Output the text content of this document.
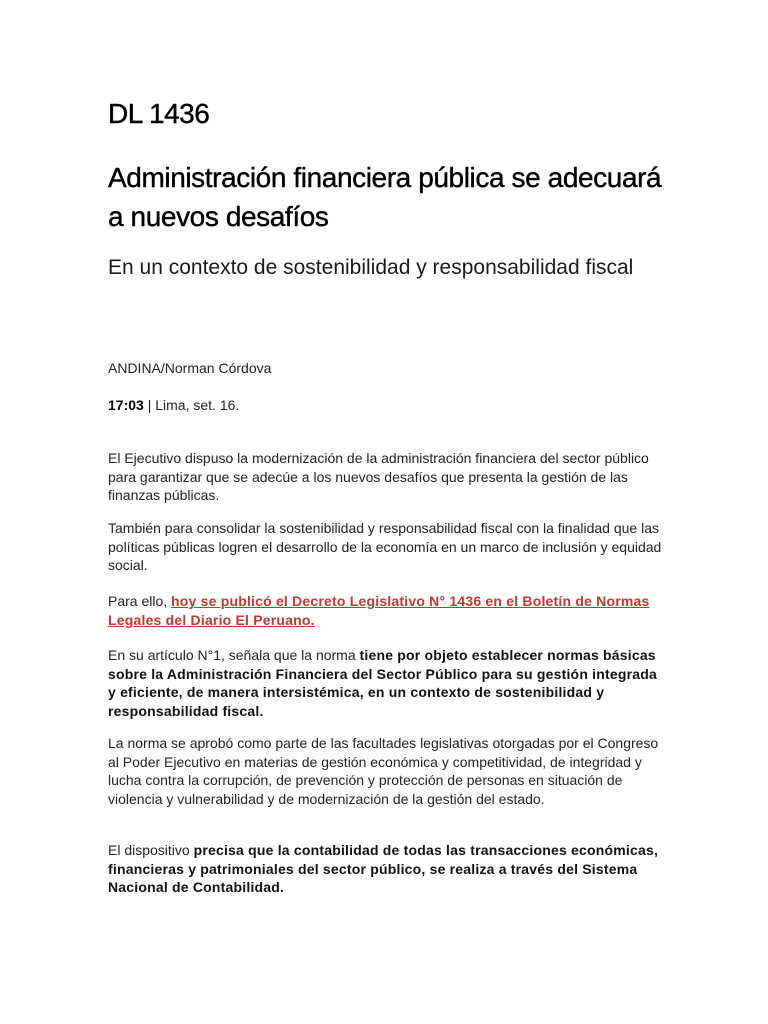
DL 1436
Administración financiera pública se adecuará a nuevos desafíos
En un contexto de sostenibilidad y responsabilidad fiscal

ANDINA/Norman Córdova

17:03 | Lima, set. 16.

El Ejecutivo dispuso la modernización de la administración financiera del sector público para garantizar que se adecúe a los nuevos desafíos que presenta la gestión de las finanzas públicas.

También para consolidar la sostenibilidad y responsabilidad fiscal con la finalidad que las políticas públicas logren el desarrollo de la economía en un marco de inclusión y equidad social.

Para ello, hoy se publicó el Decreto Legislativo N° 1436 en el Boletín de Normas Legales del Diario El Peruano.

En su artículo N°1, señala que la norma tiene por objeto establecer normas básicas sobre la Administración Financiera del Sector Público para su gestión integrada y eficiente, de manera intersistémica, en un contexto de sostenibilidad y responsabilidad fiscal.

La norma se aprobó como parte de las facultades legislativas otorgadas por el Congreso al Poder Ejecutivo en materias de gestión económica y competitividad, de integridad y lucha contra la corrupción, de prevención y protección de personas en situación de violencia y vulnerabilidad y de modernización de la gestión del estado.

El dispositivo precisa que la contabilidad de todas las transacciones económicas, financieras y patrimoniales del sector público, se realiza a través del Sistema Nacional de Contabilidad.
